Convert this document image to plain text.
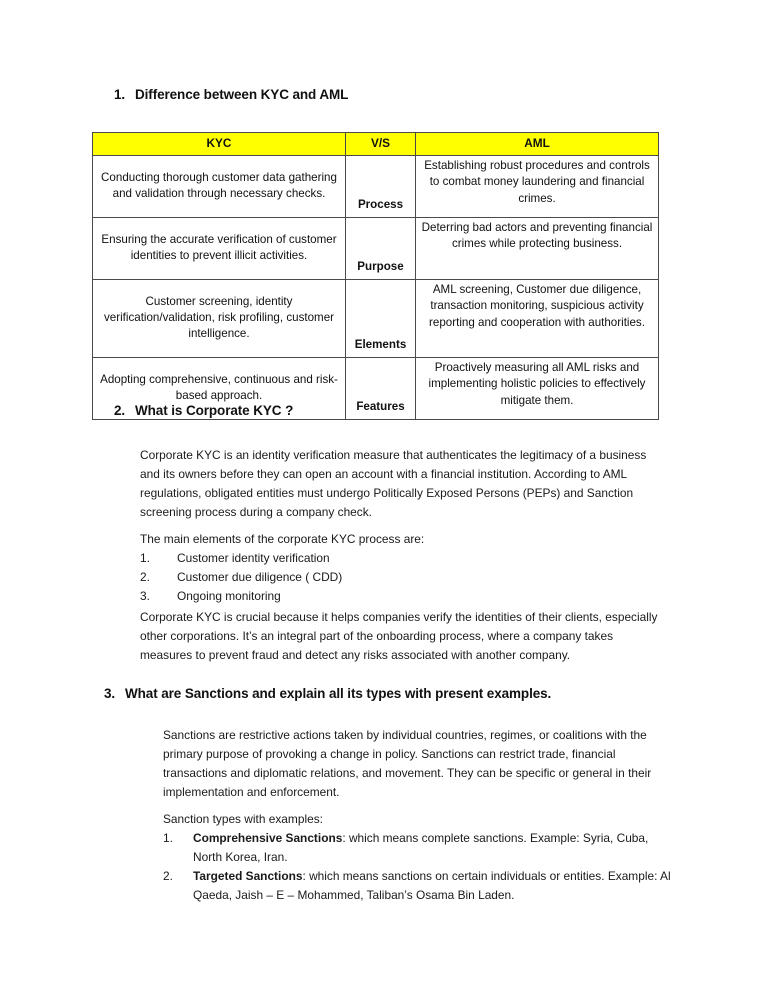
1. Difference between KYC and AML
KYC	V/S	AML
Conducting thorough customer data gathering and validation through necessary checks.	Process	Establishing robust procedures and controls to combat money laundering and financial crimes.
Ensuring the accurate verification of customer identities to prevent illicit activities.	Purpose	Deterring bad actors and preventing financial crimes while protecting business.
Customer screening, identity verification/validation, risk profiling, customer intelligence.	Elements	AML screening, Customer due diligence, transaction monitoring, suspicious activity reporting and cooperation with authorities.
Adopting comprehensive, continuous and risk-based approach.	Features	Proactively measuring all AML risks and implementing holistic policies to effectively mitigate them.
2. What is Corporate KYC ?
Corporate KYC is an identity verification measure that authenticates the legitimacy of a business and its owners before they can open an account with a financial institution. According to AML regulations, obligated entities must undergo Politically Exposed Persons (PEPs) and Sanction screening process during a company check.
The main elements of the corporate KYC process are:
1.	Customer identity verification
2.	Customer due diligence ( CDD)
3.	Ongoing monitoring
Corporate KYC is crucial because it helps companies verify the identities of their clients, especially other corporations. It’s an integral part of the onboarding process, where a company takes measures to prevent fraud and detect any risks associated with another company.
3. What are Sanctions and explain all its types with present examples.
Sanctions are restrictive actions taken by individual countries, regimes, or coalitions with the primary purpose of provoking a change in policy. Sanctions can restrict trade, financial transactions and diplomatic relations, and movement. They can be specific or general in their implementation and enforcement.
Sanction types with examples:
1.	Comprehensive Sanctions: which means complete sanctions. Example: Syria, Cuba, North Korea, Iran.
2.	Targeted Sanctions: which means sanctions on certain individuals or entities. Example: Al Qaeda, Jaish – E – Mohammed, Taliban’s Osama Bin Laden.
